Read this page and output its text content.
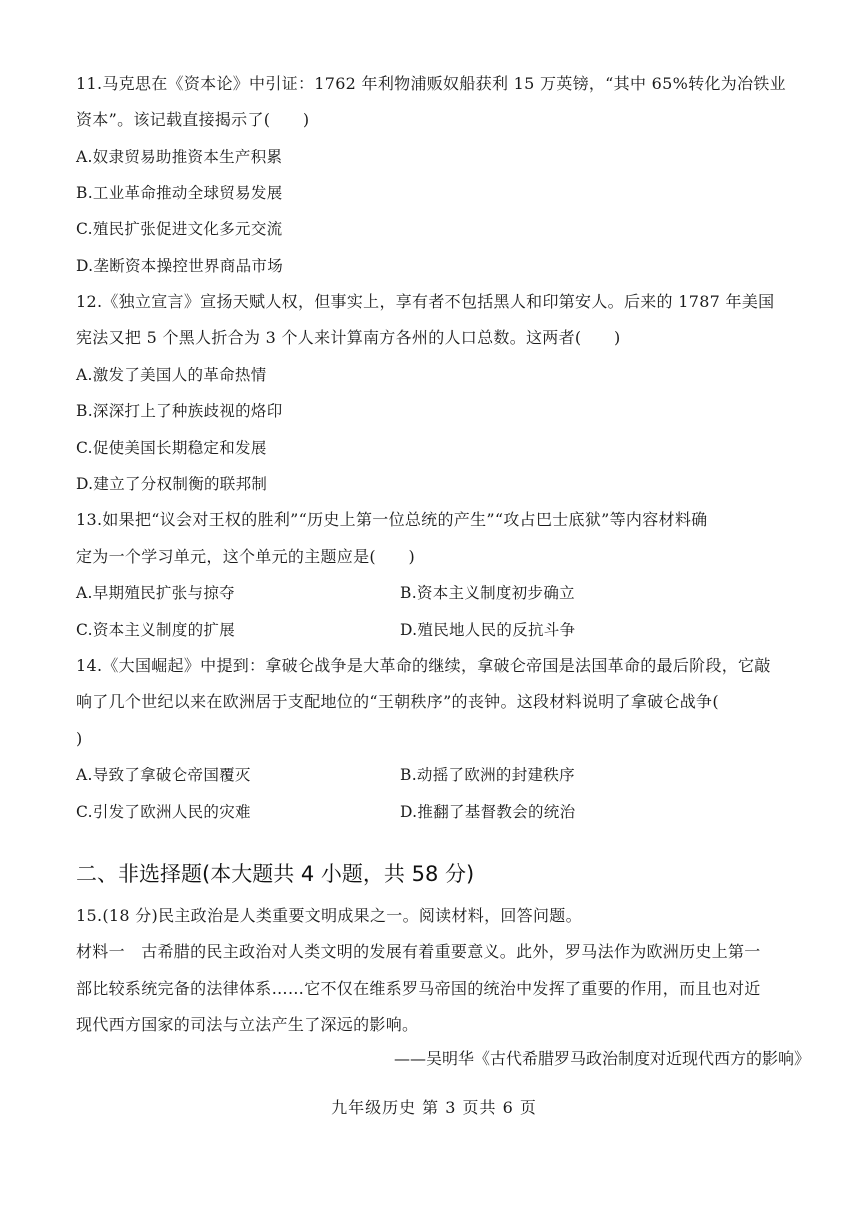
11.马克思在《资本论》中引证：1762 年利物浦贩奴船获利 15 万英镑，“其中 65%转化为冶铁业
资本”。该记载直接揭示了(　　)
A.奴隶贸易助推资本生产积累
B.工业革命推动全球贸易发展
C.殖民扩张促进文化多元交流
D.垄断资本操控世界商品市场
12.《独立宣言》宣扬天赋人权，但事实上，享有者不包括黑人和印第安人。后来的 1787 年美国
宪法又把 5 个黑人折合为 3 个人来计算南方各州的人口总数。这两者(　　)
A.激发了美国人的革命热情
B.深深打上了种族歧视的烙印
C.促使美国长期稳定和发展
D.建立了分权制衡的联邦制
13.如果把“议会对王权的胜利”“历史上第一位总统的产生”“攻占巴士底狱”等内容材料确
定为一个学习单元，这个单元的主题应是(　　)
A.早期殖民扩张与掠夺	B.资本主义制度初步确立
C.资本主义制度的扩展	D.殖民地人民的反抗斗争
14.《大国崛起》中提到：拿破仑战争是大革命的继续，拿破仑帝国是法国革命的最后阶段，它敲
响了几个世纪以来在欧洲居于支配地位的“王朝秩序”的丧钟。这段材料说明了拿破仑战争(
)
A.导致了拿破仑帝国覆灭	B.动摇了欧洲的封建秩序
C.引发了欧洲人民的灾难	D.推翻了基督教会的统治
二、非选择题(本大题共 4 小题，共 58 分)
15.(18 分)民主政治是人类重要文明成果之一。阅读材料，回答问题。
材料一　古希腊的民主政治对人类文明的发展有着重要意义。此外，罗马法作为欧洲历史上第一
部比较系统完备的法律体系……它不仅在维系罗马帝国的统治中发挥了重要的作用，而且也对近
现代西方国家的司法与立法产生了深远的影响。
——吴明华《古代希腊罗马政治制度对近现代西方的影响》
九年级历史 第 3 页共 6 页
